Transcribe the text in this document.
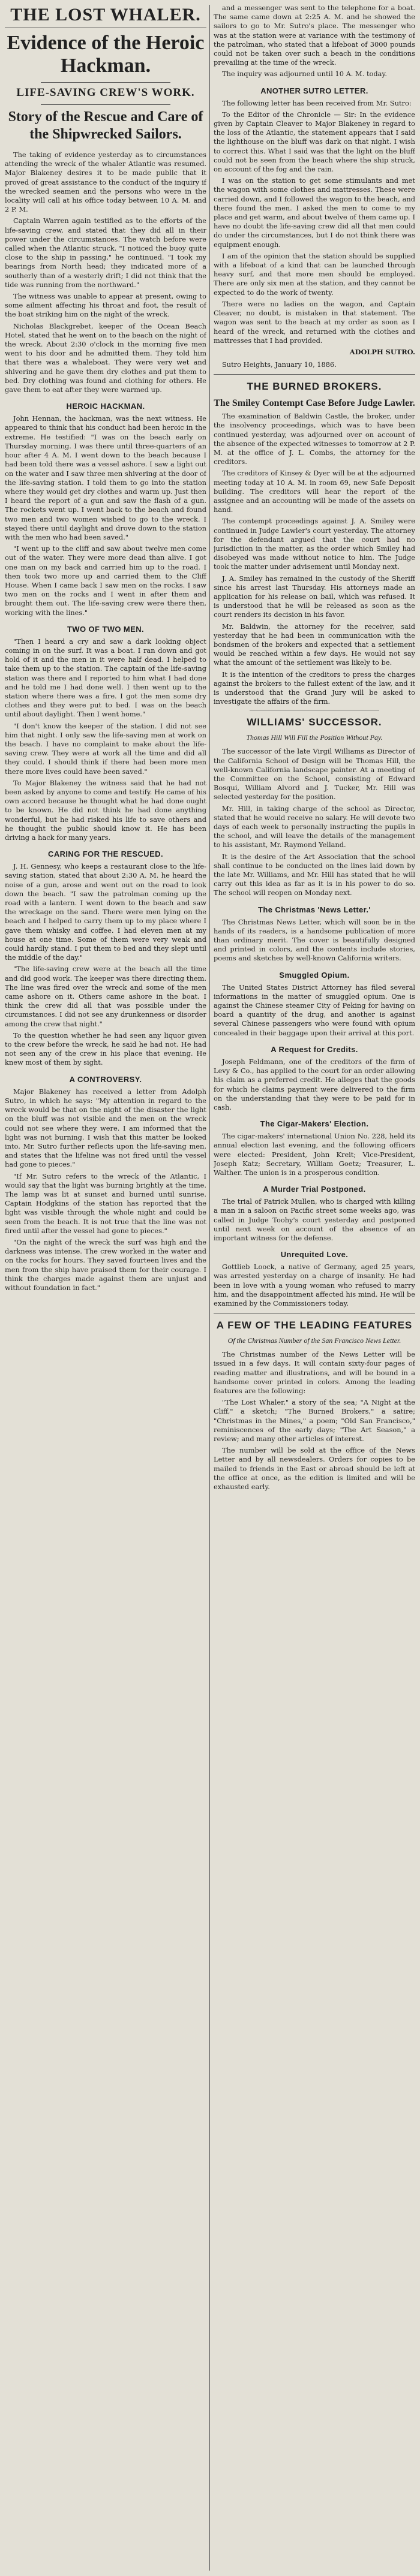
THE LOST WHALER.
Evidence of the Heroic Hackman.
LIFE-SAVING CREW'S WORK.
Story of the Rescue and Care of the Shipwrecked Sailors.

The taking of evidence yesterday as to circumstances attending the wreck of the whaler Atlantic was resumed. Major Blakeney desires it to be made public that it proved of great assistance to the conduct of the inquiry if the wrecked seamen and the persons who were in the locality will call at his office today between 10 A. M. and 2 P. M.

Captain Warren again testified as to the efforts of the life-saving crew, and stated that they did all in their power under the circumstances. The watch before were called when the Atlantic struck. "I noticed the buoy quite close to the ship in passing," he continued. "I took my bearings from North head; they indicated more of a southerly than of a westerly drift; I did not think that the tide was running from the northward."

The witness was unable to appear at present, owing to some ailment affecting his throat and foot, the result of the boat striking him on the night of the wreck.

Nicholas Blackgrebet, keeper of the Ocean Beach Hotel, stated that he went on to the beach on the night of the wreck. About 2:30 o'clock in the morning five men went to his door and he admitted them. They told him that there was a whaleboat. They were very wet and shivering and he gave them dry clothes and put them to bed. Dry clothing was found and clothing for others. He gave them to eat after they were warmed up.

HEROIC HACKMAN.

John Hennan, the hackman, was the next witness. He appeared to think that his conduct had been heroic in the extreme. He testified: "I was on the beach early on Thursday morning. I was there until three-quarters of an hour after 4 A. M. I went down to the beach because I had been told there was a vessel ashore. I saw a light out on the water and I saw three men shivering at the door of the life-saving station. I told them to go into the station where they would get dry clothes and warm up. Just then I heard the report of a gun and saw the flash of a gun. The rockets went up. I went back to the beach and found two men and two women wished to go to the wreck. I stayed there until daylight and drove down to the station with the men who had been saved."

"I went up to the cliff and saw about twelve men come out of the water. They were more dead than alive. I got one man on my back and carried him up to the road. I then took two more up and carried them to the Cliff House. When I came back I saw men on the rocks. I saw two men on the rocks and I went in after them and brought them out. The life-saving crew were there then, working with the lines."

TWO OF TWO MEN.

"Then I heard a cry and saw a dark looking object coming in on the surf. It was a boat. I ran down and got hold of it and the men in it were half dead. I helped to take them up to the station. The captain of the life-saving station was there and I reported to him what I had done and he told me I had done well. I then went up to the station where there was a fire. I got the men some dry clothes and they were put to bed. I was on the beach until about daylight. Then I went home."

"I don't know the keeper of the station. I did not see him that night. I only saw the life-saving men at work on the beach. I have no complaint to make about the life-saving crew. They were at work all the time and did all they could. I should think if there had been more men there more lives could have been saved."

To Major Blakeney the witness said that he had not been asked by anyone to come and testify. He came of his own accord because he thought what he had done ought to be known. He did not think he had done anything wonderful, but he had risked his life to save others and he thought the public should know it. He has been driving a hack for many years.

CARING FOR THE RESCUED.

J. H. Gennesy, who keeps a restaurant close to the life-saving station, stated that about 2:30 A. M. he heard the noise of a gun, arose and went out on the road to look down the beach. "I saw the patrolman coming up the road with a lantern. I went down to the beach and saw the wreckage on the sand. There were men lying on the beach and I helped to carry them up to my place where I gave them whisky and coffee. I had eleven men at my house at one time. Some of them were very weak and could hardly stand. I put them to bed and they slept until the middle of the day."

"The life-saving crew were at the beach all the time and did good work. The keeper was there directing them. The line was fired over the wreck and some of the men came ashore on it. Others came ashore in the boat. I think the crew did all that was possible under the circumstances. I did not see any drunkenness or disorder among the crew that night."

To the question whether he had seen any liquor given to the crew before the wreck, he said he had not. He had not seen any of the crew in his place that evening. He knew most of them by sight.

A CONTROVERSY.

Major Blakeney has received a letter from Adolph Sutro, in which he says: "My attention in regard to the wreck would be that on the night of the disaster the light on the bluff was not visible and the men on the wreck could not see where they were. I am informed that the light was not burning. I wish that this matter be looked into. Mr. Sutro further reflects upon the life-saving men, and states that the lifeline was not fired until the vessel had gone to pieces."

"If Mr. Sutro refers to the wreck of the Atlantic, I would say that the light was burning brightly at the time. The lamp was lit at sunset and burned until sunrise. Captain Hodgkins of the station has reported that the light was visible through the whole night and could be seen from the beach. It is not true that the line was not fired until after the vessel had gone to pieces."

"On the night of the wreck the surf was high and the darkness was intense. The crew worked in the water and on the rocks for hours. They saved fourteen lives and the men from the ship have praised them for their courage. I think the charges made against them are unjust and without foundation in fact."

and a messenger was sent to the telephone for a boat. The same came down at 2:25 A. M. and he showed the sailors to go to Mr. Sutro's place. The messenger who was at the station were at variance with the testimony of the patrolman, who stated that a lifeboat of 3000 pounds could not be taken over such a beach in the conditions prevailing at the time of the wreck.

The inquiry was adjourned until 10 A. M. today.

ANOTHER SUTRO LETTER.

The following letter has been received from Mr. Sutro:

To the Editor of the Chronicle — Sir: In the evidence given by Captain Cleaver to Major Blakeney in regard to the loss of the Atlantic, the statement appears that I said the lighthouse on the bluff was dark on that night. I wish to correct this. What I said was that the light on the bluff could not be seen from the beach where the ship struck, on account of the fog and the rain.

I was on the station to get some stimulants and met the wagon with some clothes and mattresses. These were carried down, and I followed the wagon to the beach, and there found the men. I asked the men to come to my place and get warm, and about twelve of them came up. I have no doubt the life-saving crew did all that men could do under the circumstances, but I do not think there was equipment enough.

I am of the opinion that the station should be supplied with a lifeboat of a kind that can be launched through heavy surf, and that more men should be employed. There are only six men at the station, and they cannot be expected to do the work of twenty.

There were no ladies on the wagon, and Captain Cleaver, no doubt, is mistaken in that statement. The wagon was sent to the beach at my order as soon as I heard of the wreck, and returned with the clothes and mattresses that I had provided.

ADOLPH SUTRO.

Sutro Heights, January 10, 1886.

THE BURNED BROKERS.
The Smiley Contempt Case Before Judge Lawler.

The examination of Baldwin Castle, the broker, under the insolvency proceedings, which was to have been continued yesterday, was adjourned over on account of the absence of the expected witnesses to tomorrow at 2 P. M. at the office of J. L. Combs, the attorney for the creditors.

The creditors of Kinsey & Dyer will be at the adjourned meeting today at 10 A. M. in room 69, new Safe Deposit building. The creditors will hear the report of the assignee and an accounting will be made of the assets on hand.

The contempt proceedings against J. A. Smiley were continued in Judge Lawler's court yesterday. The attorney for the defendant argued that the court had no jurisdiction in the matter, as the order which Smiley had disobeyed was made without notice to him. The Judge took the matter under advisement until Monday next.

J. A. Smiley has remained in the custody of the Sheriff since his arrest last Thursday. His attorneys made an application for his release on bail, which was refused. It is understood that he will be released as soon as the court renders its decision in his favor.

Mr. Baldwin, the attorney for the receiver, said yesterday that he had been in communication with the bondsmen of the brokers and expected that a settlement would be reached within a few days. He would not say what the amount of the settlement was likely to be.

It is the intention of the creditors to press the charges against the brokers to the fullest extent of the law, and it is understood that the Grand Jury will be asked to investigate the affairs of the firm.

WILLIAMS' SUCCESSOR.
Thomas Hill Will Fill the Position Without Pay.

The successor of the late Virgil Williams as Director of the California School of Design will be Thomas Hill, the well-known California landscape painter. At a meeting of the Committee on the School, consisting of Edward Bosqui, William Alvord and J. Tucker, Mr. Hill was selected yesterday for the position.

Mr. Hill, in taking charge of the school as Director, stated that he would receive no salary. He will devote two days of each week to personally instructing the pupils in the school, and will leave the details of the management to his assistant, Mr. Raymond Yelland.

It is the desire of the Art Association that the school shall continue to be conducted on the lines laid down by the late Mr. Williams, and Mr. Hill has stated that he will carry out this idea as far as it is in his power to do so. The school will reopen on Monday next.

The Christmas 'News Letter.'

The Christmas News Letter, which will soon be in the hands of its readers, is a handsome publication of more than ordinary merit. The cover is beautifully designed and printed in colors, and the contents include stories, poems and sketches by well-known California writers.

Smuggled Opium.

The United States District Attorney has filed several informations in the matter of smuggled opium. One is against the Chinese steamer City of Peking for having on board a quantity of the drug, and another is against several Chinese passengers who were found with opium concealed in their baggage upon their arrival at this port.

A Request for Credits.

Joseph Feldmann, one of the creditors of the firm of Levy & Co., has applied to the court for an order allowing his claim as a preferred credit. He alleges that the goods for which he claims payment were delivered to the firm on the understanding that they were to be paid for in cash.

The Cigar-Makers' Election.

The cigar-makers' international Union No. 228, held its annual election last evening, and the following officers were elected: President, John Kreit; Vice-President, Joseph Katz; Secretary, William Goetz; Treasurer, L. Walther. The union is in a prosperous condition.

A Murder Trial Postponed.

The trial of Patrick Mullen, who is charged with killing a man in a saloon on Pacific street some weeks ago, was called in Judge Toohy's court yesterday and postponed until next week on account of the absence of an important witness for the defense.

Unrequited Love.

Gottlieb Loock, a native of Germany, aged 25 years, was arrested yesterday on a charge of insanity. He had been in love with a young woman who refused to marry him, and the disappointment affected his mind. He will be examined by the Commissioners today.

A FEW OF THE LEADING FEATURES
Of the Christmas Number of the San Francisco News Letter.

The Christmas number of the News Letter will be issued in a few days. It will contain sixty-four pages of reading matter and illustrations, and will be bound in a handsome cover printed in colors. Among the leading features are the following:

"The Lost Whaler," a story of the sea; "A Night at the Cliff," a sketch; "The Burned Brokers," a satire; "Christmas in the Mines," a poem; "Old San Francisco," reminiscences of the early days; "The Art Season," a review; and many other articles of interest.

The number will be sold at the office of the News Letter and by all newsdealers. Orders for copies to be mailed to friends in the East or abroad should be left at the office at once, as the edition is limited and will be exhausted early.
